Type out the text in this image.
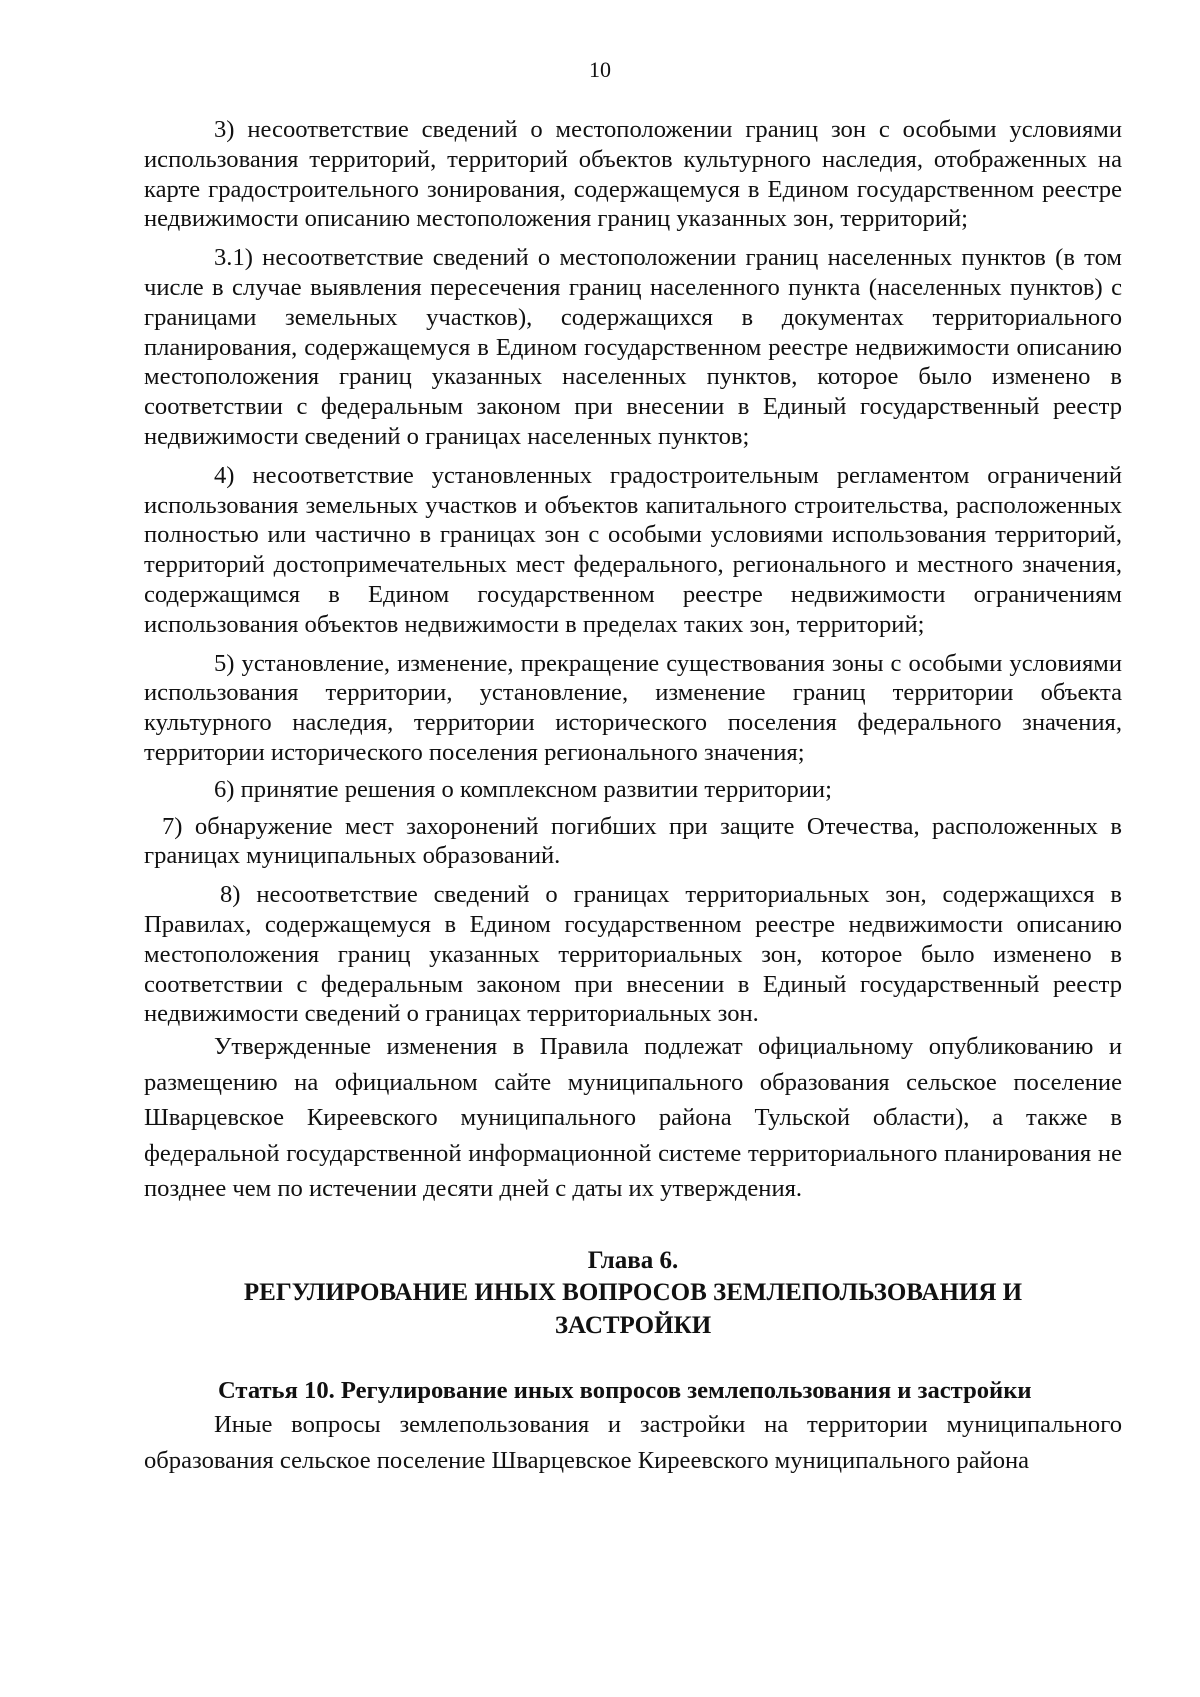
10

3) несоответствие сведений о местоположении границ зон с особыми условиями использования территорий, территорий объектов культурного наследия, отображенных на карте градостроительного зонирования, содержащемуся в Едином государственном реестре недвижимости описанию местоположения границ указанных зон, территорий;

3.1) несоответствие сведений о местоположении границ населенных пунктов (в том числе в случае выявления пересечения границ населенного пункта (населенных пунктов) с границами земельных участков), содержащихся в документах территориального планирования, содержащемуся в Едином государственном реестре недвижимости описанию местоположения границ указанных населенных пунктов, которое было изменено в соответствии с федеральным законом при внесении в Единый государственный реестр недвижимости сведений о границах населенных пунктов;

4) несоответствие установленных градостроительным регламентом ограничений использования земельных участков и объектов капитального строительства, расположенных полностью или частично в границах зон с особыми условиями использования территорий, территорий достопримечательных мест федерального, регионального и местного значения, содержащимся в Едином государственном реестре недвижимости ограничениям использования объектов недвижимости в пределах таких зон, территорий;

5) установление, изменение, прекращение существования зоны с особыми условиями использования территории, установление, изменение границ территории объекта культурного наследия, территории исторического поселения федерального значения, территории исторического поселения регионального значения;

6) принятие решения о комплексном развитии территории;

7) обнаружение мест захоронений погибших при защите Отечества, расположенных в границах муниципальных образований.

8) несоответствие сведений о границах территориальных зон, содержащихся в Правилах, содержащемуся в Едином государственном реестре недвижимости описанию местоположения границ указанных территориальных зон, которое было изменено в соответствии с федеральным законом при внесении в Единый государственный реестр недвижимости сведений о границах территориальных зон.

Утвержденные изменения в Правила подлежат официальному опубликованию и размещению на официальном сайте муниципального образования сельское поселение Шварцевское Киреевского муниципального района Тульской области), а также в федеральной государственной информационной системе территориального планирования не позднее чем по истечении десяти дней с даты их утверждения.

Глава 6.
РЕГУЛИРОВАНИЕ ИНЫХ ВОПРОСОВ ЗЕМЛЕПОЛЬЗОВАНИЯ И
ЗАСТРОЙКИ
Статья 10. Регулирование иных вопросов землепользования и застройки

Иные вопросы землепользования и застройки на территории муниципального образования сельское поселение Шварцевское Киреевского муниципального района
